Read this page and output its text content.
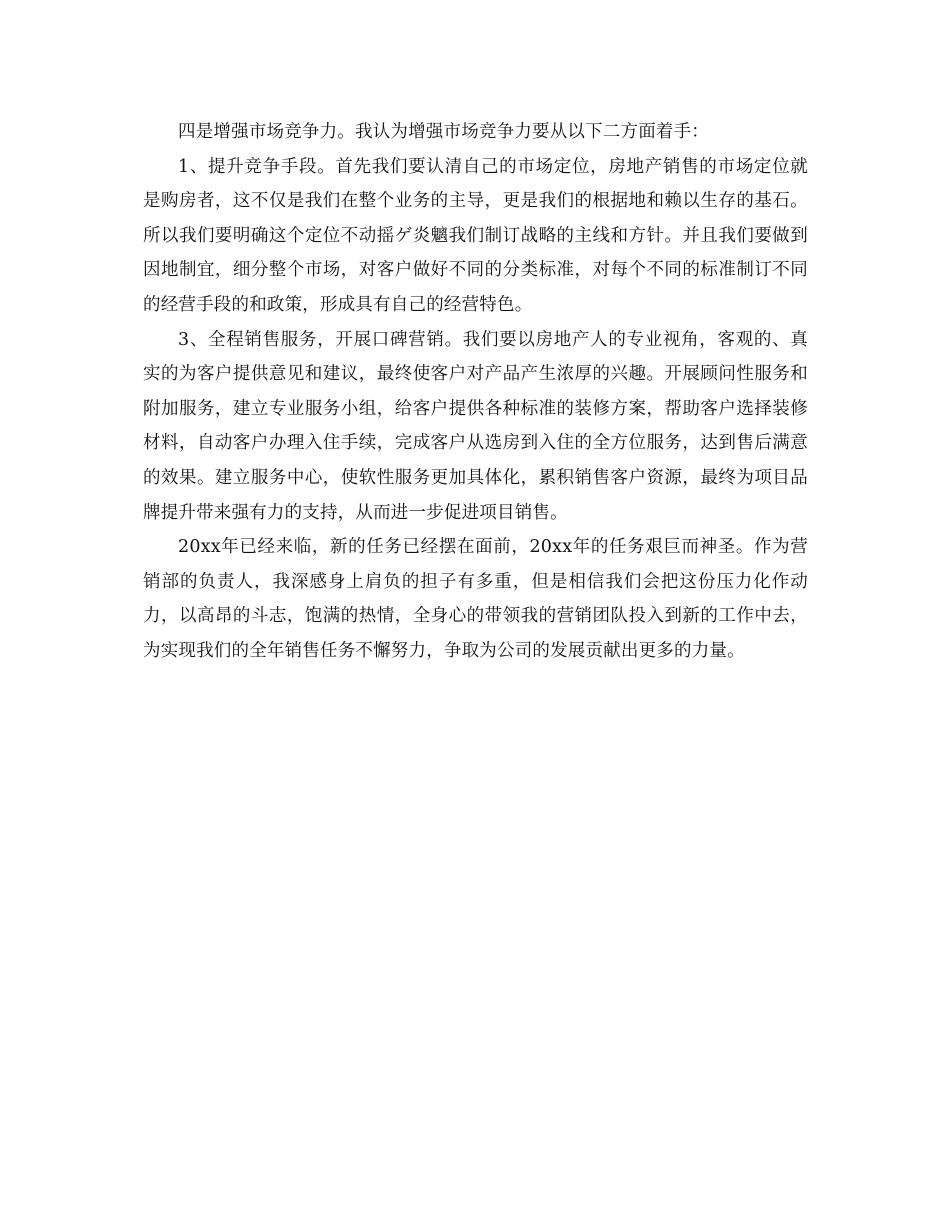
四是增强市场竞争力。我认为增强市场竞争力要从以下二方面着手：

1、提升竞争手段。首先我们要认清自己的市场定位，房地产销售的市场定位就是购房者，这不仅是我们在整个业务的主导，更是我们的根据地和赖以生存的基石。所以我们要明确这个定位不动摇ゲ炎魑我们制订战略的主线和方针。并且我们要做到因地制宜，细分整个市场，对客户做好不同的分类标准，对每个不同的标准制订不同的经营手段的和政策，形成具有自己的经营特色。

3、全程销售服务，开展口碑营销。我们要以房地产人的专业视角，客观的、真实的为客户提供意见和建议，最终使客户对产品产生浓厚的兴趣。开展顾问性服务和附加服务，建立专业服务小组，给客户提供各种标准的装修方案，帮助客户选择装修材料，自动客户办理入住手续，完成客户从选房到入住的全方位服务，达到售后满意的效果。建立服务中心，使软性服务更加具体化，累积销售客户资源，最终为项目品牌提升带来强有力的支持，从而进一步促进项目销售。

20xx年已经来临，新的任务已经摆在面前，20xx年的任务艰巨而神圣。作为营销部的负责人，我深感身上肩负的担子有多重，但是相信我们会把这份压力化作动力，以高昂的斗志，饱满的热情，全身心的带领我的营销团队投入到新的工作中去，为实现我们的全年销售任务不懈努力，争取为公司的发展贡献出更多的力量。
